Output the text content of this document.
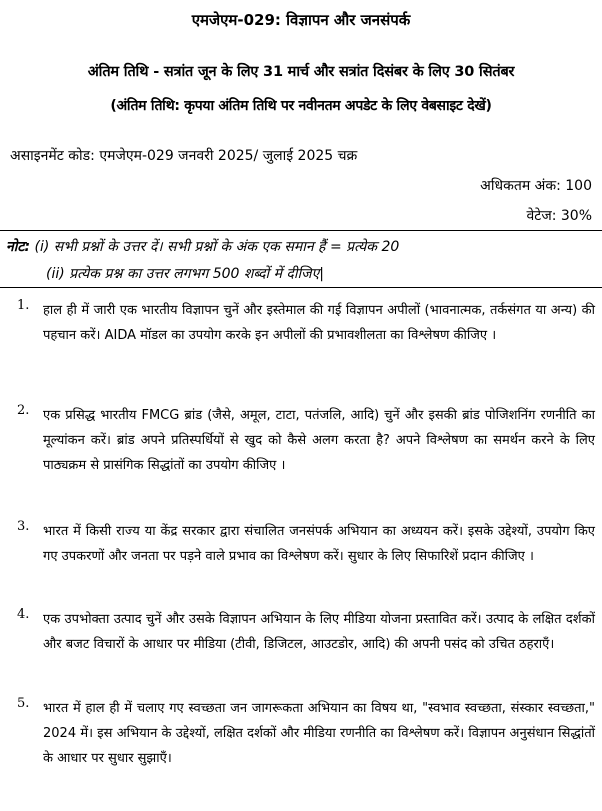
एमजेएम-029: विज्ञापन और जनसंपर्क
अंतिम तिथि - सत्रांत जून के लिए 31 मार्च और सत्रांत दिसंबर के लिए 30 सितंबर
(अंतिम तिथि: कृपया अंतिम तिथि पर नवीनतम अपडेट के लिए वेबसाइट देखें)
असाइनमेंट कोड: एमजेएम-029 जनवरी 2025/ जुलाई 2025 चक्र
अधिकतम अंक: 100
वेटेज: 30%
नोट: (i) सभी प्रश्नों के उत्तर दें। सभी प्रश्नों के अंक एक समान हैं = प्रत्येक 20
(ii) प्रत्येक प्रश्न का उत्तर लगभग 500 शब्दों में दीजिए|
1. हाल ही में जारी एक भारतीय विज्ञापन चुनें और इस्तेमाल की गई विज्ञापन अपीलों (भावनात्मक, तर्कसंगत या अन्य) की पहचान करें। AIDA मॉडल का उपयोग करके इन अपीलों की प्रभावशीलता का विश्लेषण कीजिए ।
2. एक प्रसिद्ध भारतीय FMCG ब्रांड (जैसे, अमूल, टाटा, पतंजलि, आदि) चुनें और इसकी ब्रांड पोजिशनिंग रणनीति का मूल्यांकन करें। ब्रांड अपने प्रतिस्पर्धियों से खुद को कैसे अलग करता है? अपने विश्लेषण का समर्थन करने के लिए पाठ्यक्रम से प्रासंगिक सिद्धांतों का उपयोग कीजिए ।
3. भारत में किसी राज्य या केंद्र सरकार द्वारा संचालित जनसंपर्क अभियान का अध्ययन करें। इसके उद्देश्यों, उपयोग किए गए उपकरणों और जनता पर पड़ने वाले प्रभाव का विश्लेषण करें। सुधार के लिए सिफारिशें प्रदान कीजिए ।
4. एक उपभोक्ता उत्पाद चुनें और उसके विज्ञापन अभियान के लिए मीडिया योजना प्रस्तावित करें। उत्पाद के लक्षित दर्शकों और बजट विचारों के आधार पर मीडिया (टीवी, डिजिटल, आउटडोर, आदि) की अपनी पसंद को उचित ठहराएँ।
5. भारत में हाल ही में चलाए गए स्वच्छता जन जागरूकता अभियान का विषय था, "स्वभाव स्वच्छता, संस्कार स्वच्छता," 2024 में। इस अभियान के उद्देश्यों, लक्षित दर्शकों और मीडिया रणनीति का विश्लेषण करें। विज्ञापन अनुसंधान सिद्धांतों के आधार पर सुधार सुझाएँ।
